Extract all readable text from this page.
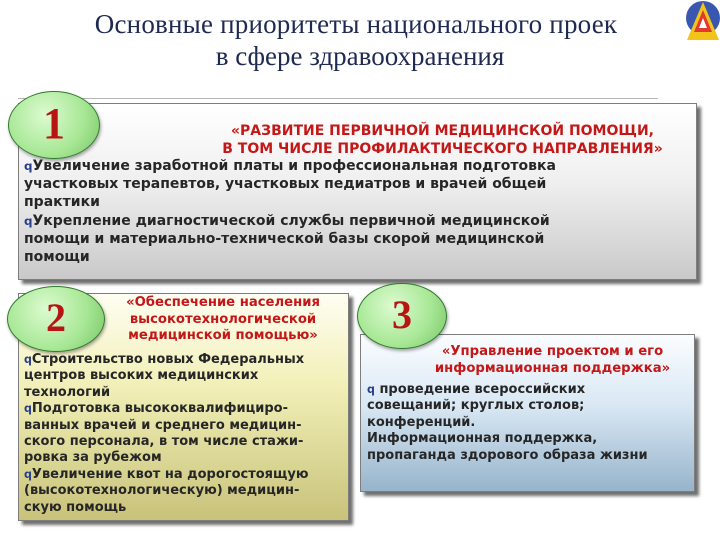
Основные приоритеты национального проек
в сфере здравоохранения
1	«РАЗВИТИЕ ПЕРВИЧНОЙ МЕДИЦИНСКОЙ ПОМОЩИ,
В ТОМ ЧИСЛЕ ПРОФИЛАКТИЧЕСКОГО НАПРАВЛЕНИЯ»
qУвеличение заработной платы и профессиональная подготовка
участковых терапевтов, участковых педиатров и врачей общей
практики
qУкрепление диагностической службы первичной медицинской
помощи и материально-технической базы скорой медицинской
помощи
2	«Обеспечение населения
высокотехнологической
медицинской помощью»
qСтроительство новых Федеральных
центров высоких медицинских
технологий
qПодготовка высококвалифициро-
ванных врачей и среднего медицин-
ского персонала, в том числе стажи-
ровка за рубежом
qУвеличение квот на дорогостоящую
(высокотехнологическую) медицин-
скую помощь
3
«Управление проектом и его
информационная поддержка»
q проведение всероссийских
совещаний; круглых столов;
конференций.
Информационная поддержка,
пропаганда здорового образа жизни
